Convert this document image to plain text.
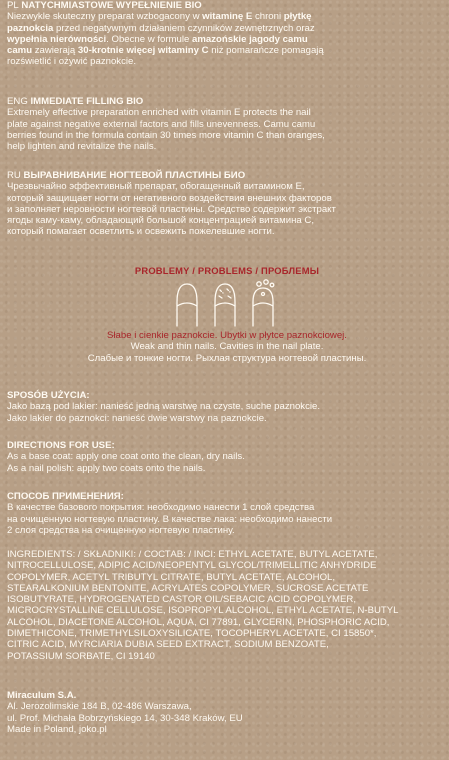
PL NATYCHMIASTOWE WYPEŁNIENIE BIO

Niezwykle skuteczny preparat wzbogacony w witaminę E chroni płytkę

paznokcia przed negatywnym działaniem czynników zewnętrznych oraz

wypełnia nierówności. Obecne w formule amazońskie jagody camu

camu zawierają 30-krotnie więcej witaminy C niż pomarańcze pomagają

rozświetlić i ożywić paznokcie.

ENG IMMEDIATE FILLING BIO

Extremely effective preparation enriched with vitamin E protects the nail

plate against negative external factors and fills unevenness. Camu camu

berries found in the formula contain 30 times more vitamin C than oranges,

help lighten and revitalize the nails.

RU ВЫРАВНИВАНИЕ НОГТЕВОЙ ПЛАСТИНЫ БИО

Чрезвычайно эффективный препарат, обогащенный витамином Е,

который защищает ногти от негативного воздействия внешних факторов

и заполняет неровности ногтевой пластины. Средство содержит экстракт

ягоды каму-каму, обладающий большой концентрацией витамина С,

который помагает осветлить и освежить пожелевшие ногти.

PROBLEMY / PROBLEMS / ПРОБЛЕМЫ

Słabe i cienkie paznokcie. Ubytki w płytce paznokciowej.

Weak and thin nails. Cavities in the nail plate.

Слабые и тонкие ногти. Рыхлая структура ногтевой пластины.

SPOSÓB UŻYCIA:

Jako bazą pod lakier: nanieść jedną warstwę na czyste, suche paznokcie.

Jako lakier do paznokci: nanieść dwie warstwy na paznokcie.

DIRECTIONS FOR USE:

As a base coat: apply one coat onto the clean, dry nails.

As a nail polish: apply two coats onto the nails.

СПОСОБ ПРИМЕНЕНИЯ:

В качестве базового покрытия: необходимо нанести 1 слой средства

на очищенную ногтевую пластину. В качестве лака: необходимо нанести

2 слоя средства на очищенную ногтевую пластину.

INGREDIENTS: / SKŁADNIKI: / СОСТАВ: / INCI: ETHYL ACETATE, BUTYL ACETATE,

NITROCELLULOSE, ADIPIC ACID/NEOPENTYL GLYCOL/TRIMELLITIC ANHYDRIDE

COPOLYMER, ACETYL TRIBUTYL CITRATE, BUTYL ACETATE, ALCOHOL,

STEARALKONIUM BENTONITE, ACRYLATES COPOLYMER, SUCROSE ACETATE

ISOBUTYRATE, HYDROGENATED CASTOR OIL/SEBACIC ACID COPOLYMER,

MICROCRYSTALLINE CELLULOSE, ISOPROPYL ALCOHOL, ETHYL ACETATE, N-BUTYL

ALCOHOL, DIACETONE ALCOHOL, AQUA, CI 77891, GLYCERIN, PHOSPHORIC ACID,

DIMETHICONE, TRIMETHYLSILOXYSILICATE, TOCOPHERYL ACETATE, CI 15850*,

CITRIC ACID, MYRCIARIA DUBIA SEED EXTRACT, SODIUM BENZOATE,

POTASSIUM SORBATE, CI 19140

Miraculum S.A.

Al. Jerozolimskie 184 B, 02-486 Warszawa,

ul. Prof. Michała Bobrzyńskiego 14, 30-348 Kraków, EU

Made in Poland, joko.pl
